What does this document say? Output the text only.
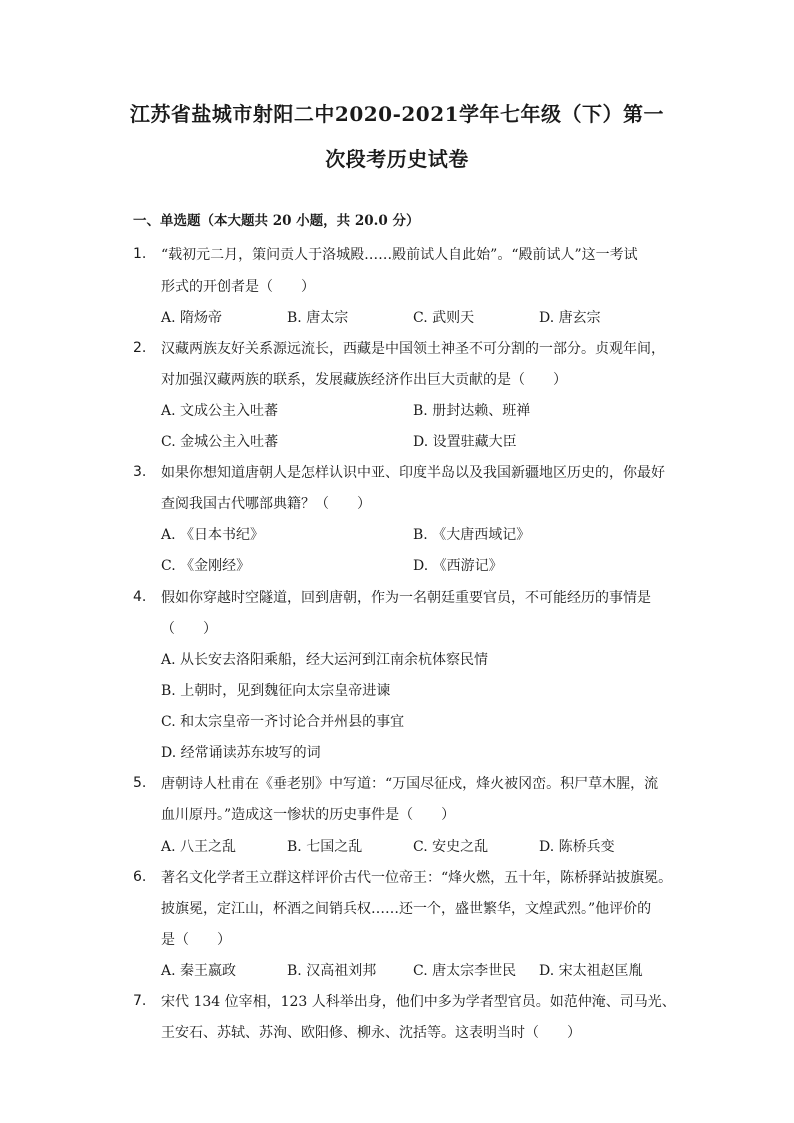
江苏省盐城市射阳二中2020-2021学年七年级（下）第一
次段考历史试卷
一、单选题（本大题共 20 小题，共 20.0 分）
1. “载初元二月，策问贡人于洛城殿……殿前试人自此始”。“殿前试人”这一考试
形式的开创者是（　　）
A. 隋炀帝	B. 唐太宗	C. 武则天	D. 唐玄宗
2. 汉藏两族友好关系源远流长，西藏是中国领土神圣不可分割的一部分。贞观年间，
对加强汉藏两族的联系，发展藏族经济作出巨大贡献的是（　　）
A. 文成公主入吐蕃	B. 册封达赖、班禅
C. 金城公主入吐蕃	D. 设置驻藏大臣
3. 如果你想知道唐朝人是怎样认识中亚、印度半岛以及我国新疆地区历史的，你最好
查阅我国古代哪部典籍？（　　）
A. 《日本书纪》	B. 《大唐西域记》
C. 《金刚经》	D. 《西游记》
4. 假如你穿越时空隧道，回到唐朝，作为一名朝廷重要官员，不可能经历的事情是
（　　）
A. 从长安去洛阳乘船，经大运河到江南余杭体察民情
B. 上朝时，见到魏征向太宗皇帝进谏
C. 和太宗皇帝一齐讨论合并州县的事宜
D. 经常诵读苏东坡写的词
5. 唐朝诗人杜甫在《垂老别》中写道：“万国尽征戍，烽火被冈峦。积尸草木腥，流
血川原丹。”造成这一惨状的历史事件是（　　）
A. 八王之乱	B. 七国之乱	C. 安史之乱	D. 陈桥兵变
6. 著名文化学者王立群这样评价古代一位帝王：“烽火燃，五十年，陈桥驿站披旗冕。
披旗冕，定江山，杯酒之间销兵权……还一个，盛世繁华，文煌武烈。”他评价的
是（　　）
A. 秦王嬴政	B. 汉高祖刘邦	C. 唐太宗李世民 D. 宋太祖赵匡胤
7. 宋代 134 位宰相，123 人科举出身，他们中多为学者型官员。如范仲淹、司马光、
王安石、苏轼、苏洵、欧阳修、柳永、沈括等。这表明当时（　　）
